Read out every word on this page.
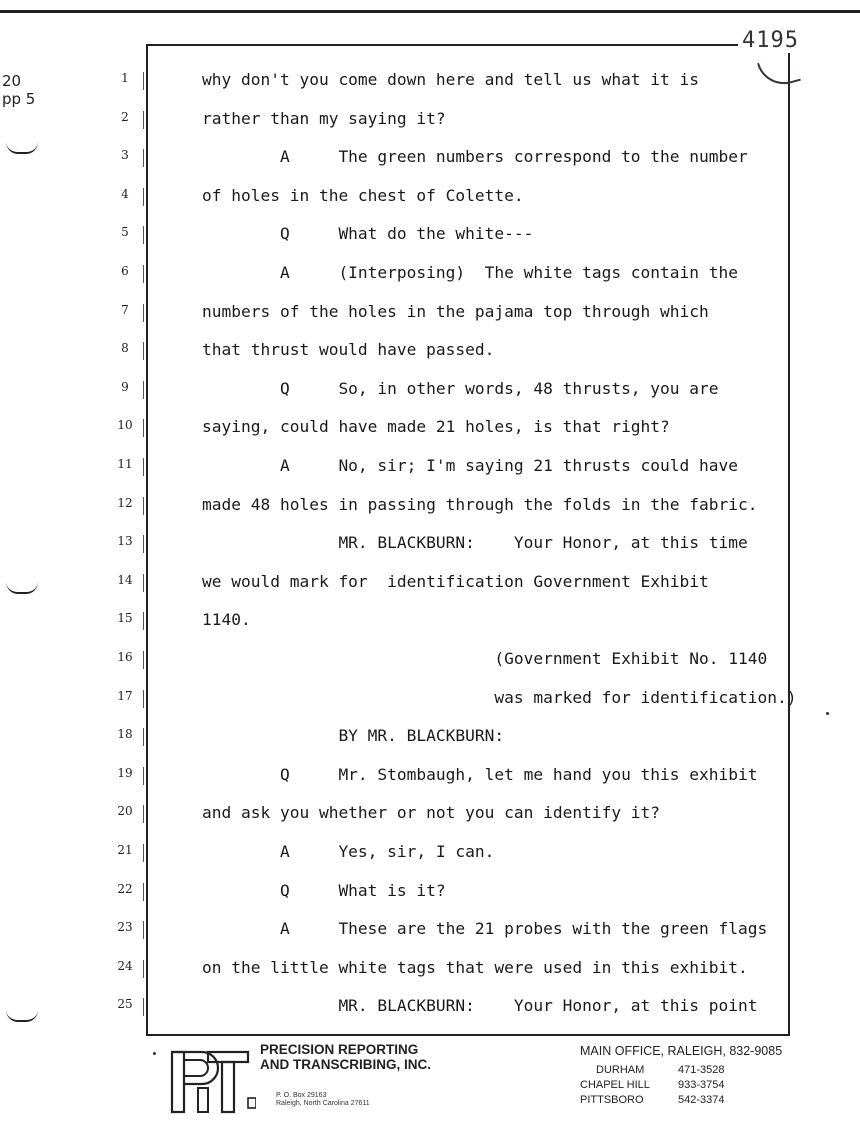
4195
20
pp 5
1	why don't you come down here and tell us what it is
2	rather than my saying it?
3	A     The green numbers correspond to the number
4	of holes in the chest of Colette.
5	Q     What do the white---
6	A     (Interposing)  The white tags contain the
7	numbers of the holes in the pajama top through which
8	that thrust would have passed.
9	Q     So, in other words, 48 thrusts, you are
10	saying, could have made 21 holes, is that right?
11	A     No, sir; I'm saying 21 thrusts could have
12	made 48 holes in passing through the folds in the fabric.
13	MR. BLACKBURN:    Your Honor, at this time
14	we would mark for  identification Government Exhibit
15	1140.
16	(Government Exhibit No. 1140
17	was marked for identification.)
18	BY MR. BLACKBURN:
19	Q     Mr. Stombaugh, let me hand you this exhibit
20	and ask you whether or not you can identify it?
21	A     Yes, sir, I can.
22	Q     What is it?
23	A     These are the 21 probes with the green flags
24	on the little white tags that were used in this exhibit.
25	MR. BLACKBURN:    Your Honor, at this point
P&T
PRECISION REPORTING
AND TRANSCRIBING, INC.
P. O. Box 29163
Raleigh, North Carolina 27611
MAIN OFFICE, RALEIGH, 832-9085
DURHAM	471-3528
CHAPEL HILL	933-3754
PITTSBORO	542-3374
